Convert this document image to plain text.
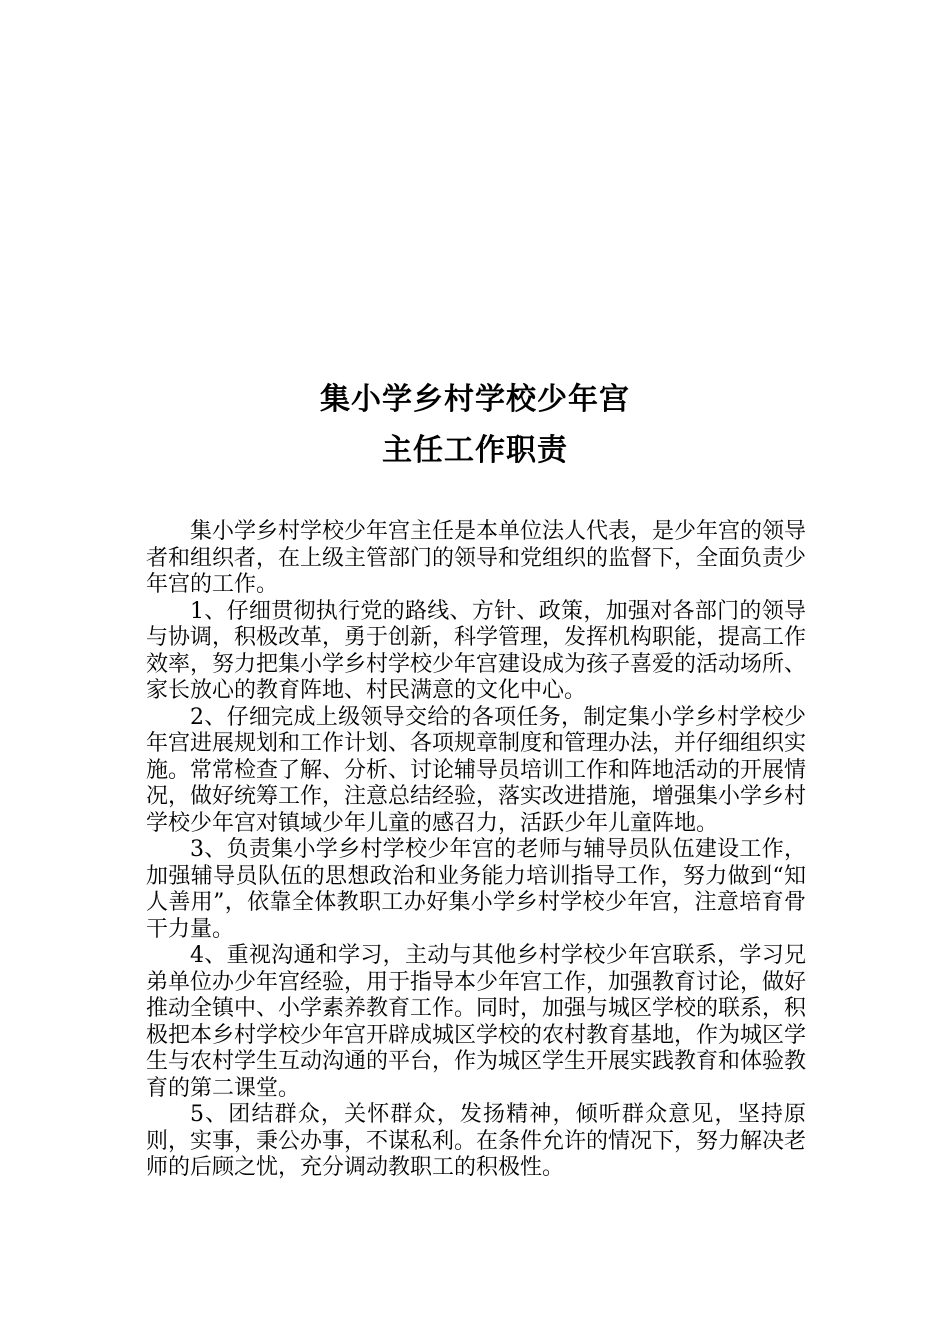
集小学乡村学校少年宫
主任工作职责

集小学乡村学校少年宫主任是本单位法人代表，是少年宫的领导者和组织者，在上级主管部门的领导和党组织的监督下，全面负责少年宫的工作。

1、仔细贯彻执行党的路线、方针、政策，加强对各部门的领导与协调，积极改革，勇于创新，科学管理，发挥机构职能，提高工作效率，努力把集小学乡村学校少年宫建设成为孩子喜爱的活动场所、家长放心的教育阵地、村民满意的文化中心。

2、仔细完成上级领导交给的各项任务，制定集小学乡村学校少年宫进展规划和工作计划、各项规章制度和管理办法，并仔细组织实施。常常检查了解、分析、讨论辅导员培训工作和阵地活动的开展情况，做好统筹工作，注意总结经验，落实改进措施，增强集小学乡村学校少年宫对镇域少年儿童的感召力，活跃少年儿童阵地。

3、负责集小学乡村学校少年宫的老师与辅导员队伍建设工作，加强辅导员队伍的思想政治和业务能力培训指导工作，努力做到“知人善用”，依靠全体教职工办好集小学乡村学校少年宫，注意培育骨干力量。

4、重视沟通和学习，主动与其他乡村学校少年宫联系，学习兄弟单位办少年宫经验，用于指导本少年宫工作，加强教育讨论，做好推动全镇中、小学素养教育工作。同时，加强与城区学校的联系，积极把本乡村学校少年宫开辟成城区学校的农村教育基地，作为城区学生与农村学生互动沟通的平台，作为城区学生开展实践教育和体验教育的第二课堂。

5、团结群众，关怀群众，发扬精神，倾听群众意见，坚持原则，实事，秉公办事，不谋私利。在条件允许的情况下，努力解决老师的后顾之忧，充分调动教职工的积极性。
